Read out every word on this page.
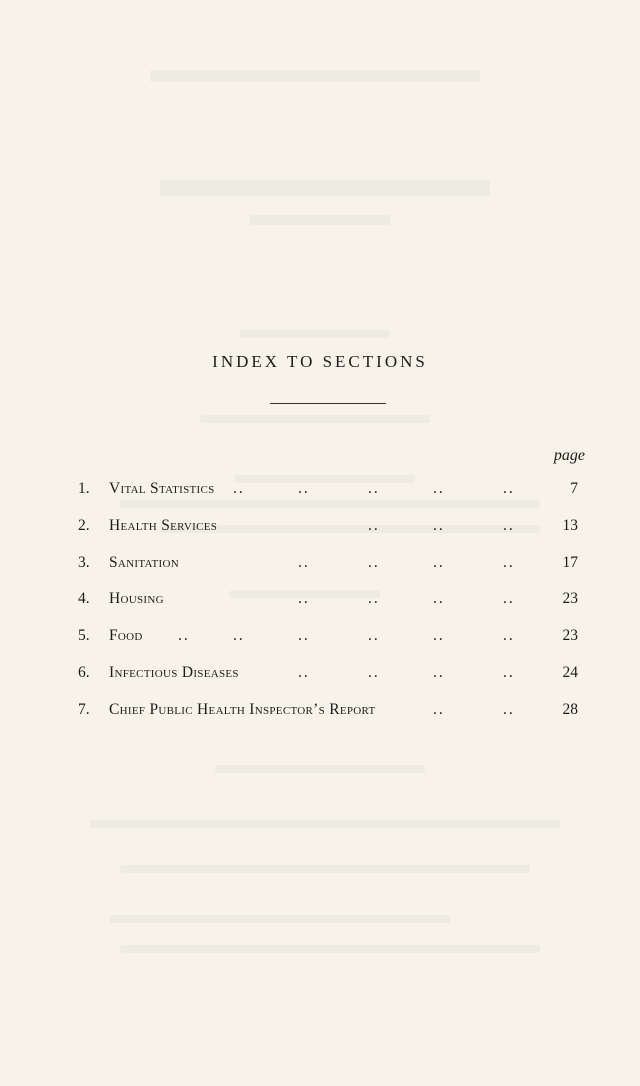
INDEX TO SECTIONS
page
1.	Vital Statistics ..	..	..	..	..	7
2.	Health Services	..	..	..	13
3.	Sanitation	..	..	..	..	17
4.	Housing	..	..	..	..	23
5.	Food ..	..	..	..	..	..	23
6.	Infectious Diseases	..	..	..	..	24
7.	Chief Public Health Inspector’s Report	..	..	28
